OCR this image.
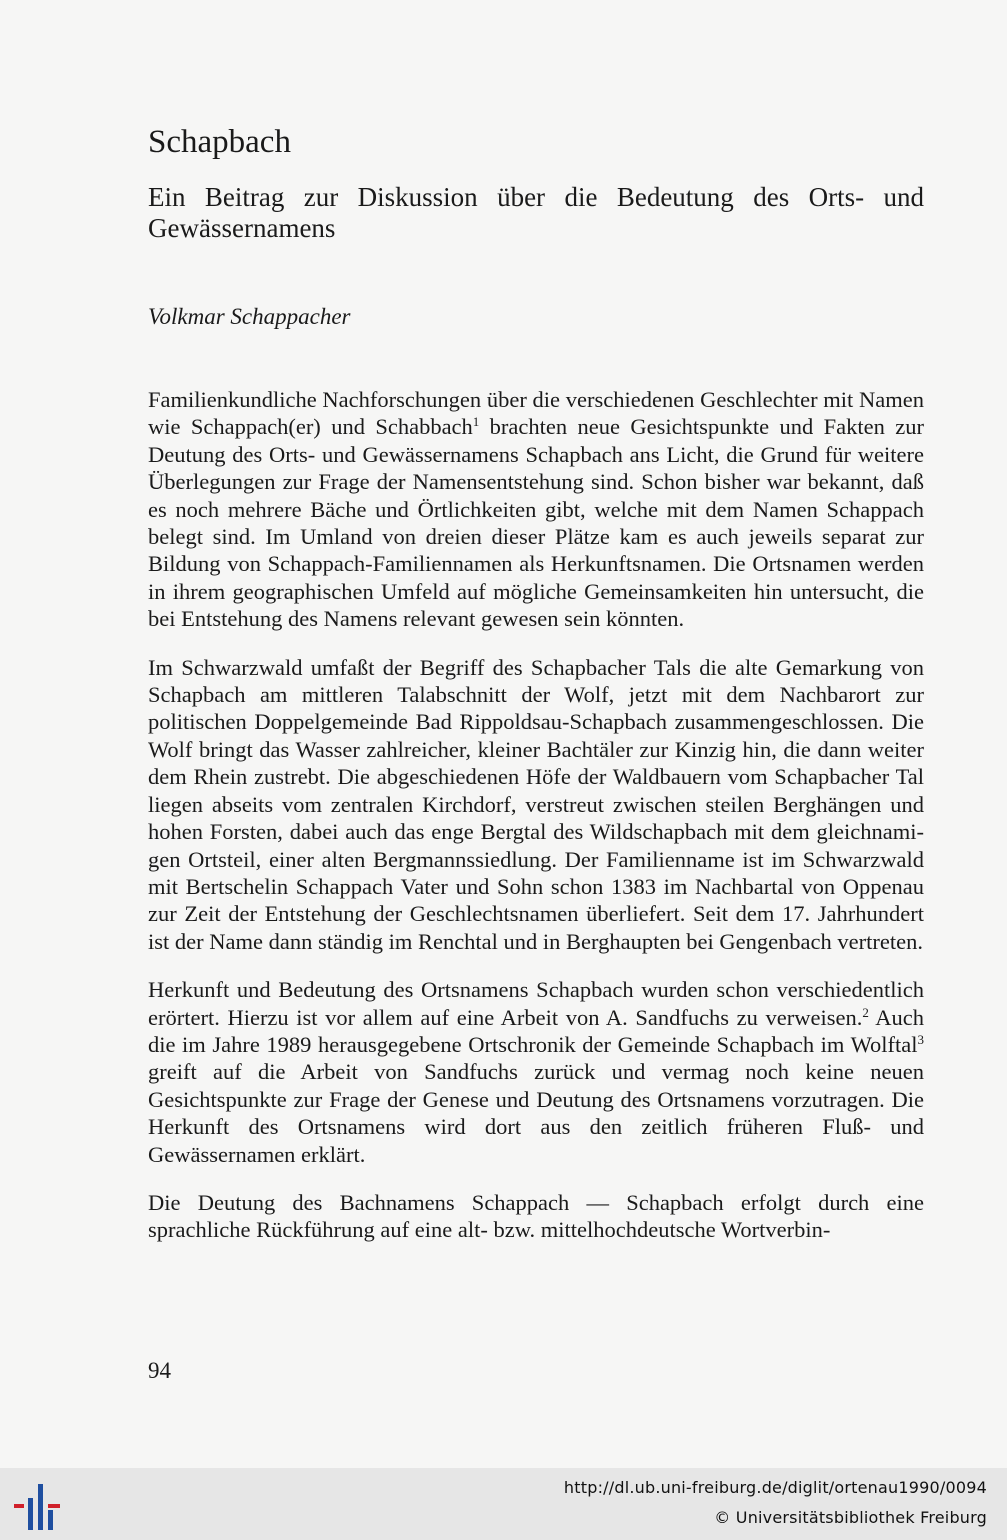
Schapbach
Ein Beitrag zur Diskussion über die Bedeutung des Orts- und Gewässernamens
Volkmar Schappacher

Familienkundliche Nachforschungen über die verschiedenen Geschlechter mit Namen wie Schappach(er) und Schabbach$^1$ brachten neue Gesichtspunkte und Fakten zur Deutung des Orts- und Gewässernamens Schapbach ans Licht, die Grund für weitere Überlegungen zur Frage der Namensentstehung sind. Schon bisher war bekannt, daß es noch mehrere Bäche und Örtlichkeiten gibt, welche mit dem Namen Schappach belegt sind. Im Umland von dreien dieser Plätze kam es auch jeweils separat zur Bildung von Schappach-Familiennamen als Herkunftsnamen. Die Ortsnamen werden in ihrem geographischen Umfeld auf mögliche Gemeinsamkeiten hin untersucht, die bei Entstehung des Namens relevant gewesen sein könnten.

Im Schwarzwald umfaßt der Begriff des Schapbacher Tals die alte Gemarkung von Schapbach am mittleren Talabschnitt der Wolf, jetzt mit dem Nachbarort zur politischen Doppelgemeinde Bad Rippoldsau-Schapbach zusammengeschlossen. Die Wolf bringt das Wasser zahlreicher, kleiner Bachtäler zur Kinzig hin, die dann weiter dem Rhein zustrebt. Die abgeschiedenen Höfe der Waldbauern vom Schapbacher Tal liegen abseits vom zentralen Kirchdorf, verstreut zwischen steilen Berghängen und hohen Forsten, dabei auch das enge Bergtal des Wildschapbach mit dem gleichnamigen Ortsteil, einer alten Bergmannssiedlung. Der Familienname ist im Schwarzwald mit Bertschelin Schappach Vater und Sohn schon 1383 im Nachbartal von Oppenau zur Zeit der Entstehung der Geschlechtsnamen überliefert. Seit dem 17. Jahrhundert ist der Name dann ständig im Renchtal und in Berghaupten bei Gengenbach vertreten.

Herkunft und Bedeutung des Ortsnamens Schapbach wurden schon verschiedentlich erörtert. Hierzu ist vor allem auf eine Arbeit von A. Sandfuchs zu verweisen.$^2$ Auch die im Jahre 1989 herausgegebene Ortschronik der Gemeinde Schapbach im Wolftal$^3$ greift auf die Arbeit von Sandfuchs zurück und vermag noch keine neuen Gesichtspunkte zur Frage der Genese und Deutung des Ortsnamens vorzutragen. Die Herkunft des Ortsnamens wird dort aus den zeitlich früheren Fluß- und Gewässernamen erklärt.

Die Deutung des Bachnamens Schappach — Schapbach erfolgt durch eine sprachliche Rückführung auf eine alt- bzw. mittelhochdeutsche Wortverbin-

94
http://dl.ub.uni-freiburg.de/diglit/ortenau1990/0094
© Universitätsbibliothek Freiburg
